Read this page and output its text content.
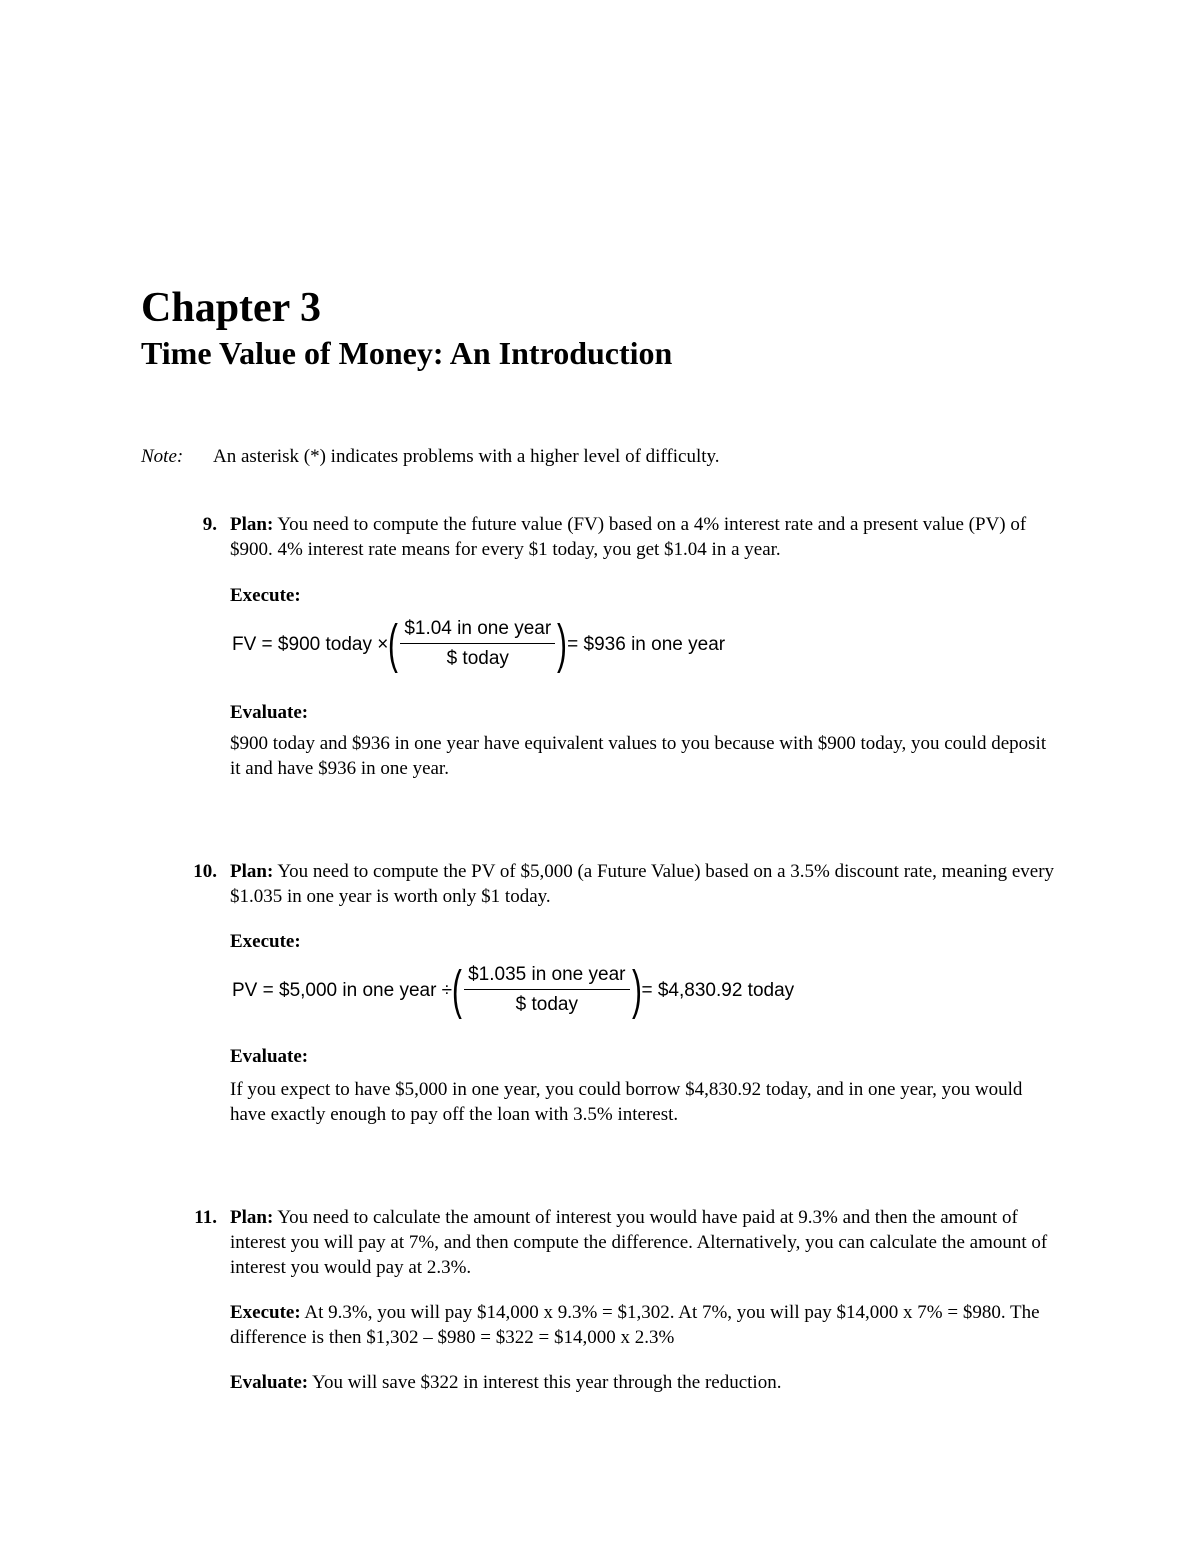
Chapter 3
Time Value of Money: An Introduction
Note: An asterisk (*) indicates problems with a higher level of difficulty.
9. Plan: You need to compute the future value (FV) based on a 4% interest rate and a present value (PV) of $900. 4% interest rate means for every $1 today, you get $1.04 in a year.

Execute:

FV = $900 today × ( $\frac{\text{\$1.04 in one year}}{\text{\$ today}}$ ) = $936 in one year

Evaluate:

$900 today and $936 in one year have equivalent values to you because with $900 today, you could deposit it and have $936 in one year.

10. Plan: You need to compute the PV of $5,000 (a Future Value) based on a 3.5% discount rate, meaning every $1.035 in one year is worth only $1 today.

Execute:

PV = $5,000 in one year ÷ ( $\frac{\text{\$1.035 in one year}}{\text{\$ today}}$ ) = $4,830.92 today

Evaluate:

If you expect to have $5,000 in one year, you could borrow $4,830.92 today, and in one year, you would have exactly enough to pay off the loan with 3.5% interest.

11. Plan: You need to calculate the amount of interest you would have paid at 9.3% and then the amount of interest you will pay at 7%, and then compute the difference. Alternatively, you can calculate the amount of interest you would pay at 2.3%.

Execute: At 9.3%, you will pay $14,000 x 9.3% = $1,302. At 7%, you will pay $14,000 x 7% = $980. The difference is then $1,302 – $980 = $322 = $14,000 x 2.3%

Evaluate: You will save $322 in interest this year through the reduction.
